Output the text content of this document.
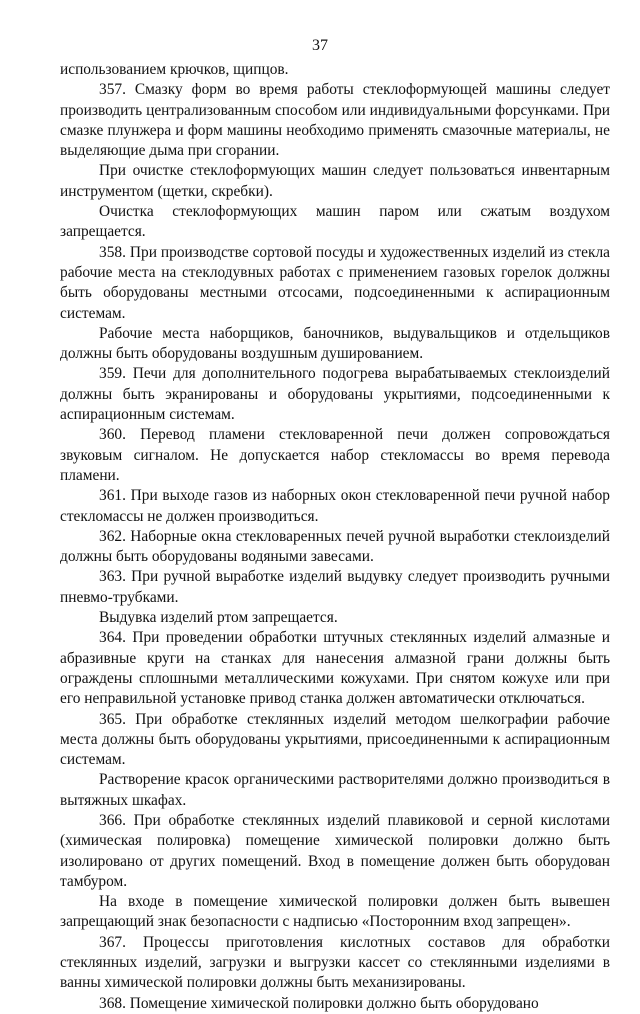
37

использованием крючков, щипцов.

357. Смазку форм во время работы стеклоформующей машины следует производить централизованным способом или индивидуальными форсунками. При смазке плунжера и форм машины необходимо применять смазочные материалы, не выделяющие дыма при сгорании.

При очистке стеклоформующих машин следует пользоваться инвентарным инструментом (щетки, скребки).

Очистка стеклоформующих машин паром или сжатым воздухом запрещается.

358. При производстве сортовой посуды и художественных изделий из стекла рабочие места на стеклодувных работах с применением газовых горелок должны быть оборудованы местными отсосами, подсоединенными к аспирационным системам.

Рабочие места наборщиков, баночников, выдувальщиков и отдельщиков должны быть оборудованы воздушным душированием.

359. Печи для дополнительного подогрева вырабатываемых стеклоизделий должны быть экранированы и оборудованы укрытиями, подсоединенными к аспирационным системам.

360. Перевод пламени стекловаренной печи должен сопровождаться звуковым сигналом. Не допускается набор стекломассы во время перевода пламени.

361. При выходе газов из наборных окон стекловаренной печи ручной набор стекломассы не должен производиться.

362. Наборные окна стекловаренных печей ручной выработки стеклоизделий должны быть оборудованы водяными завесами.

363. При ручной выработке изделий выдувку следует производить ручными пневмо-трубками.

Выдувка изделий ртом запрещается.

364. При проведении обработки штучных стеклянных изделий алмазные и абразивные круги на станках для нанесения алмазной грани должны быть ограждены сплошными металлическими кожухами. При снятом кожухе или при его неправильной установке привод станка должен автоматически отключаться.

365. При обработке стеклянных изделий методом шелкографии рабочие места должны быть оборудованы укрытиями, присоединенными к аспирационным системам.

Растворение красок органическими растворителями должно производиться в вытяжных шкафах.

366. При обработке стеклянных изделий плавиковой и серной кислотами (химическая полировка) помещение химической полировки должно быть изолировано от других помещений. Вход в помещение должен быть оборудован тамбуром.

На входе в помещение химической полировки должен быть вывешен запрещающий знак безопасности с надписью «Посторонним вход запрещен».

367. Процессы приготовления кислотных составов для обработки стеклянных изделий, загрузки и выгрузки кассет со стеклянными изделиями в ванны химической полировки должны быть механизированы.

368. Помещение химической полировки должно быть оборудовано
